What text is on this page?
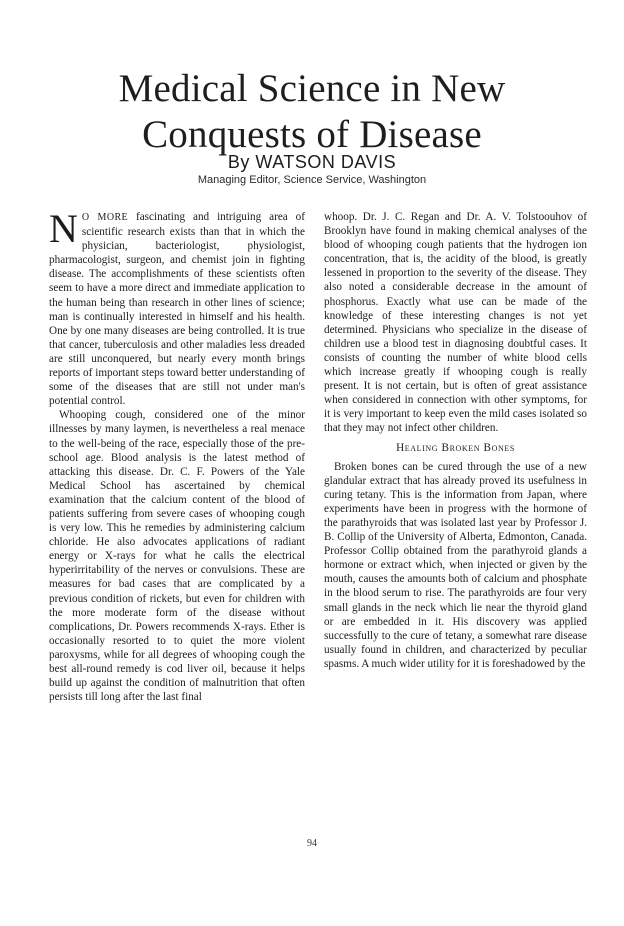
Medical Science in New Conquests of Disease
By WATSON DAVIS
Managing Editor, Science Service, Washington

NO MORE fascinating and intriguing area of scientific research exists than that in which the physician, bacteriologist, physiologist, pharmacologist, surgeon, and chemist join in fighting disease. The accomplishments of these scientists often seem to have a more direct and immediate application to the human being than research in other lines of science; man is continually interested in himself and his health. One by one many diseases are being controlled. It is true that cancer, tuberculosis and other maladies less dreaded are still unconquered, but nearly every month brings reports of important steps toward better understanding of some of the diseases that are still not under man's potential control.

Whooping cough, considered one of the minor illnesses by many laymen, is nevertheless a real menace to the well-being of the race, especially those of the pre-school age. Blood analysis is the latest method of attacking this disease. Dr. C. F. Powers of the Yale Medical School has ascertained by chemical examination that the calcium content of the blood of patients suffering from severe cases of whooping cough is very low. This he remedies by administering calcium chloride. He also advocates applications of radiant energy or X-rays for what he calls the electrical hyperirritability of the nerves or convulsions. These are measures for bad cases that are complicated by a previous condition of rickets, but even for children with the more moderate form of the disease without complications, Dr. Powers recommends X-rays. Ether is occasionally resorted to to quiet the more violent paroxysms, while for all degrees of whooping cough the best all-round remedy is cod liver oil, because it helps build up against the condition of malnutrition that often persists till long after the last final

whoop. Dr. J. C. Regan and Dr. A. V. Tolstoouhov of Brooklyn have found in making chemical analyses of the blood of whooping cough patients that the hydrogen ion concentration, that is, the acidity of the blood, is greatly lessened in proportion to the severity of the disease. They also noted a considerable decrease in the amount of phosphorus. Exactly what use can be made of the knowledge of these interesting changes is not yet determined. Physicians who specialize in the disease of children use a blood test in diagnosing doubtful cases. It consists of counting the number of white blood cells which increase greatly if whooping cough is really present. It is not certain, but is often of great assistance when considered in connection with other symptoms, for it is very important to keep even the mild cases isolated so that they may not infect other children.

Healing Broken Bones

Broken bones can be cured through the use of a new glandular extract that has already proved its usefulness in curing tetany. This is the information from Japan, where experiments have been in progress with the hormone of the parathyroids that was isolated last year by Professor J. B. Collip of the University of Alberta, Edmonton, Canada. Professor Collip obtained from the parathyroid glands a hormone or extract which, when injected or given by the mouth, causes the amounts both of calcium and phosphate in the blood serum to rise. The parathyroids are four very small glands in the neck which lie near the thyroid gland or are embedded in it. His discovery was applied successfully to the cure of tetany, a somewhat rare disease usually found in children, and characterized by peculiar spasms. A much wider utility for it is foreshadowed by the

94
